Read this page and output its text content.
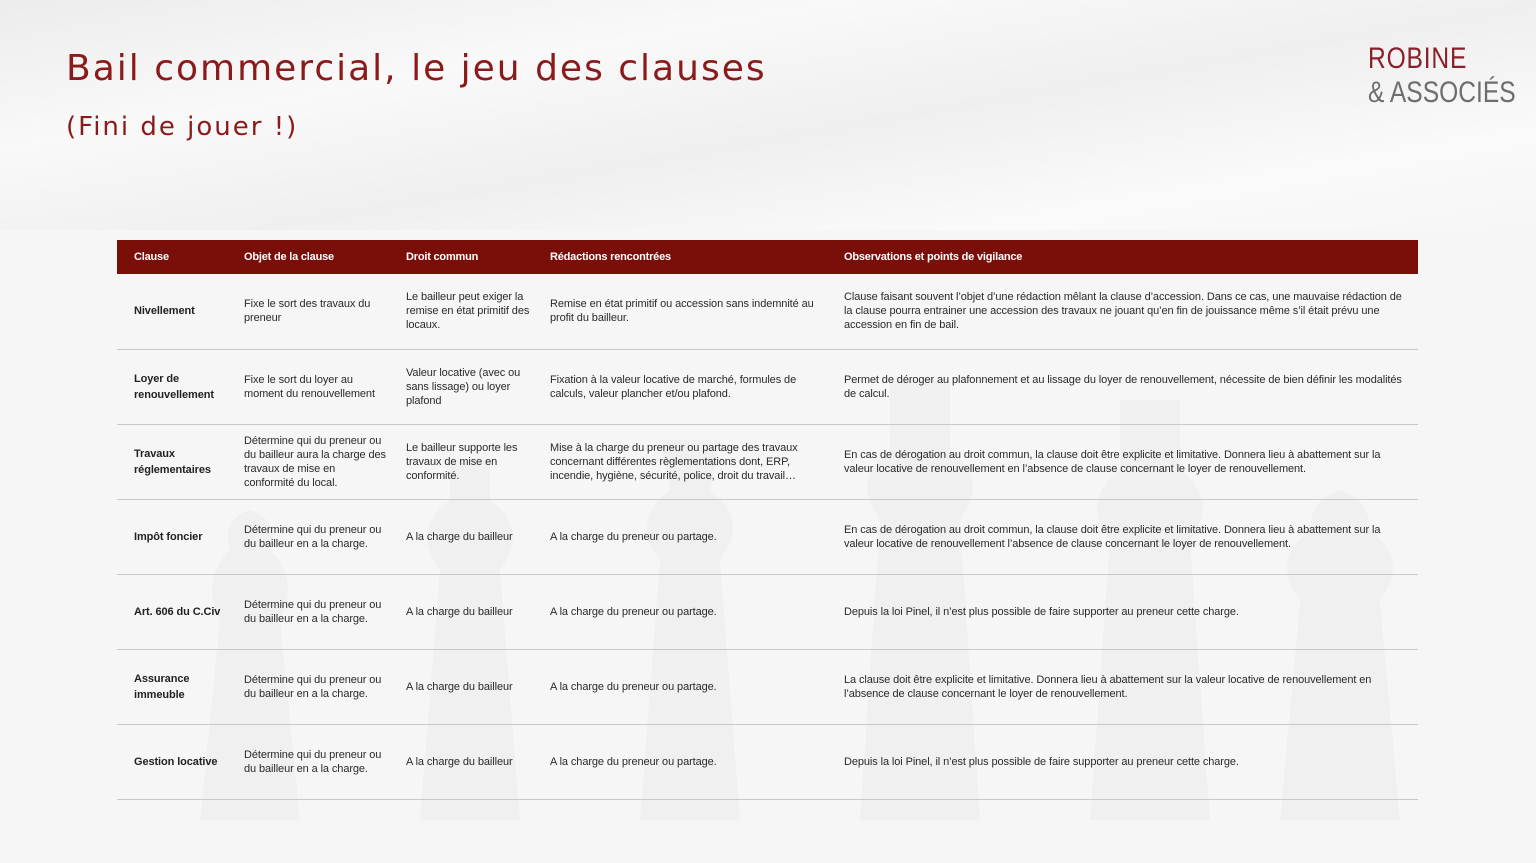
Bail commercial, le jeu des clauses
(Fini de jouer !)
ROBINE
& ASSOCIÉS
Clause	Objet de la clause	Droit commun	Rédactions rencontrées	Observations et points de vigilance
Nivellement	Fixe le sort des travaux du preneur	Le bailleur peut exiger la remise en état primitif des locaux.	Remise en état primitif ou accession sans indemnité au profit du bailleur.	Clause faisant souvent l’objet d’une rédaction mêlant la clause d’accession. Dans ce cas, une mauvaise rédaction de la clause pourra entrainer une accession des travaux ne jouant qu’en fin de jouissance même s’il était prévu une accession en fin de bail.
Loyer de renouvellement	Fixe le sort du loyer au moment du renouvellement	Valeur locative (avec ou sans lissage) ou loyer plafond	Fixation à la valeur locative de marché, formules de calculs, valeur plancher et/ou plafond.	Permet de déroger au plafonnement et au lissage du loyer de renouvellement, nécessite de bien définir les modalités de calcul.
Travaux réglementaires	Détermine qui du preneur ou du bailleur aura la charge des travaux de mise en conformité du local.	Le bailleur supporte les travaux de mise en conformité.	Mise à la charge du preneur ou partage des travaux concernant différentes règlementations dont, ERP, incendie, hygiène, sécurité, police, droit du travail…	En cas de dérogation au droit commun, la clause doit être explicite et limitative. Donnera lieu à abattement sur la valeur locative de renouvellement en l’absence de clause concernant le loyer de renouvellement.
Impôt foncier	Détermine qui du preneur ou du bailleur en a la charge.	A la charge du bailleur	A la charge du preneur ou partage.	En cas de dérogation au droit commun, la clause doit être explicite et limitative. Donnera lieu à abattement sur la valeur locative de renouvellement l’absence de clause concernant le loyer de renouvellement.
Art. 606 du C.Civ	Détermine qui du preneur ou du bailleur en a la charge.	A la charge du bailleur	A la charge du preneur ou partage.	Depuis la loi Pinel, il n’est plus possible de faire supporter au preneur cette charge.
Assurance immeuble	Détermine qui du preneur ou du bailleur en a la charge.	A la charge du bailleur	A la charge du preneur ou partage.	La clause doit être explicite et limitative. Donnera lieu à abattement sur la valeur locative de renouvellement en l’absence de clause concernant le loyer de renouvellement.
Gestion locative	Détermine qui du preneur ou du bailleur en a la charge.	A la charge du bailleur	A la charge du preneur ou partage.	Depuis la loi Pinel, il n’est plus possible de faire supporter au preneur cette charge.
